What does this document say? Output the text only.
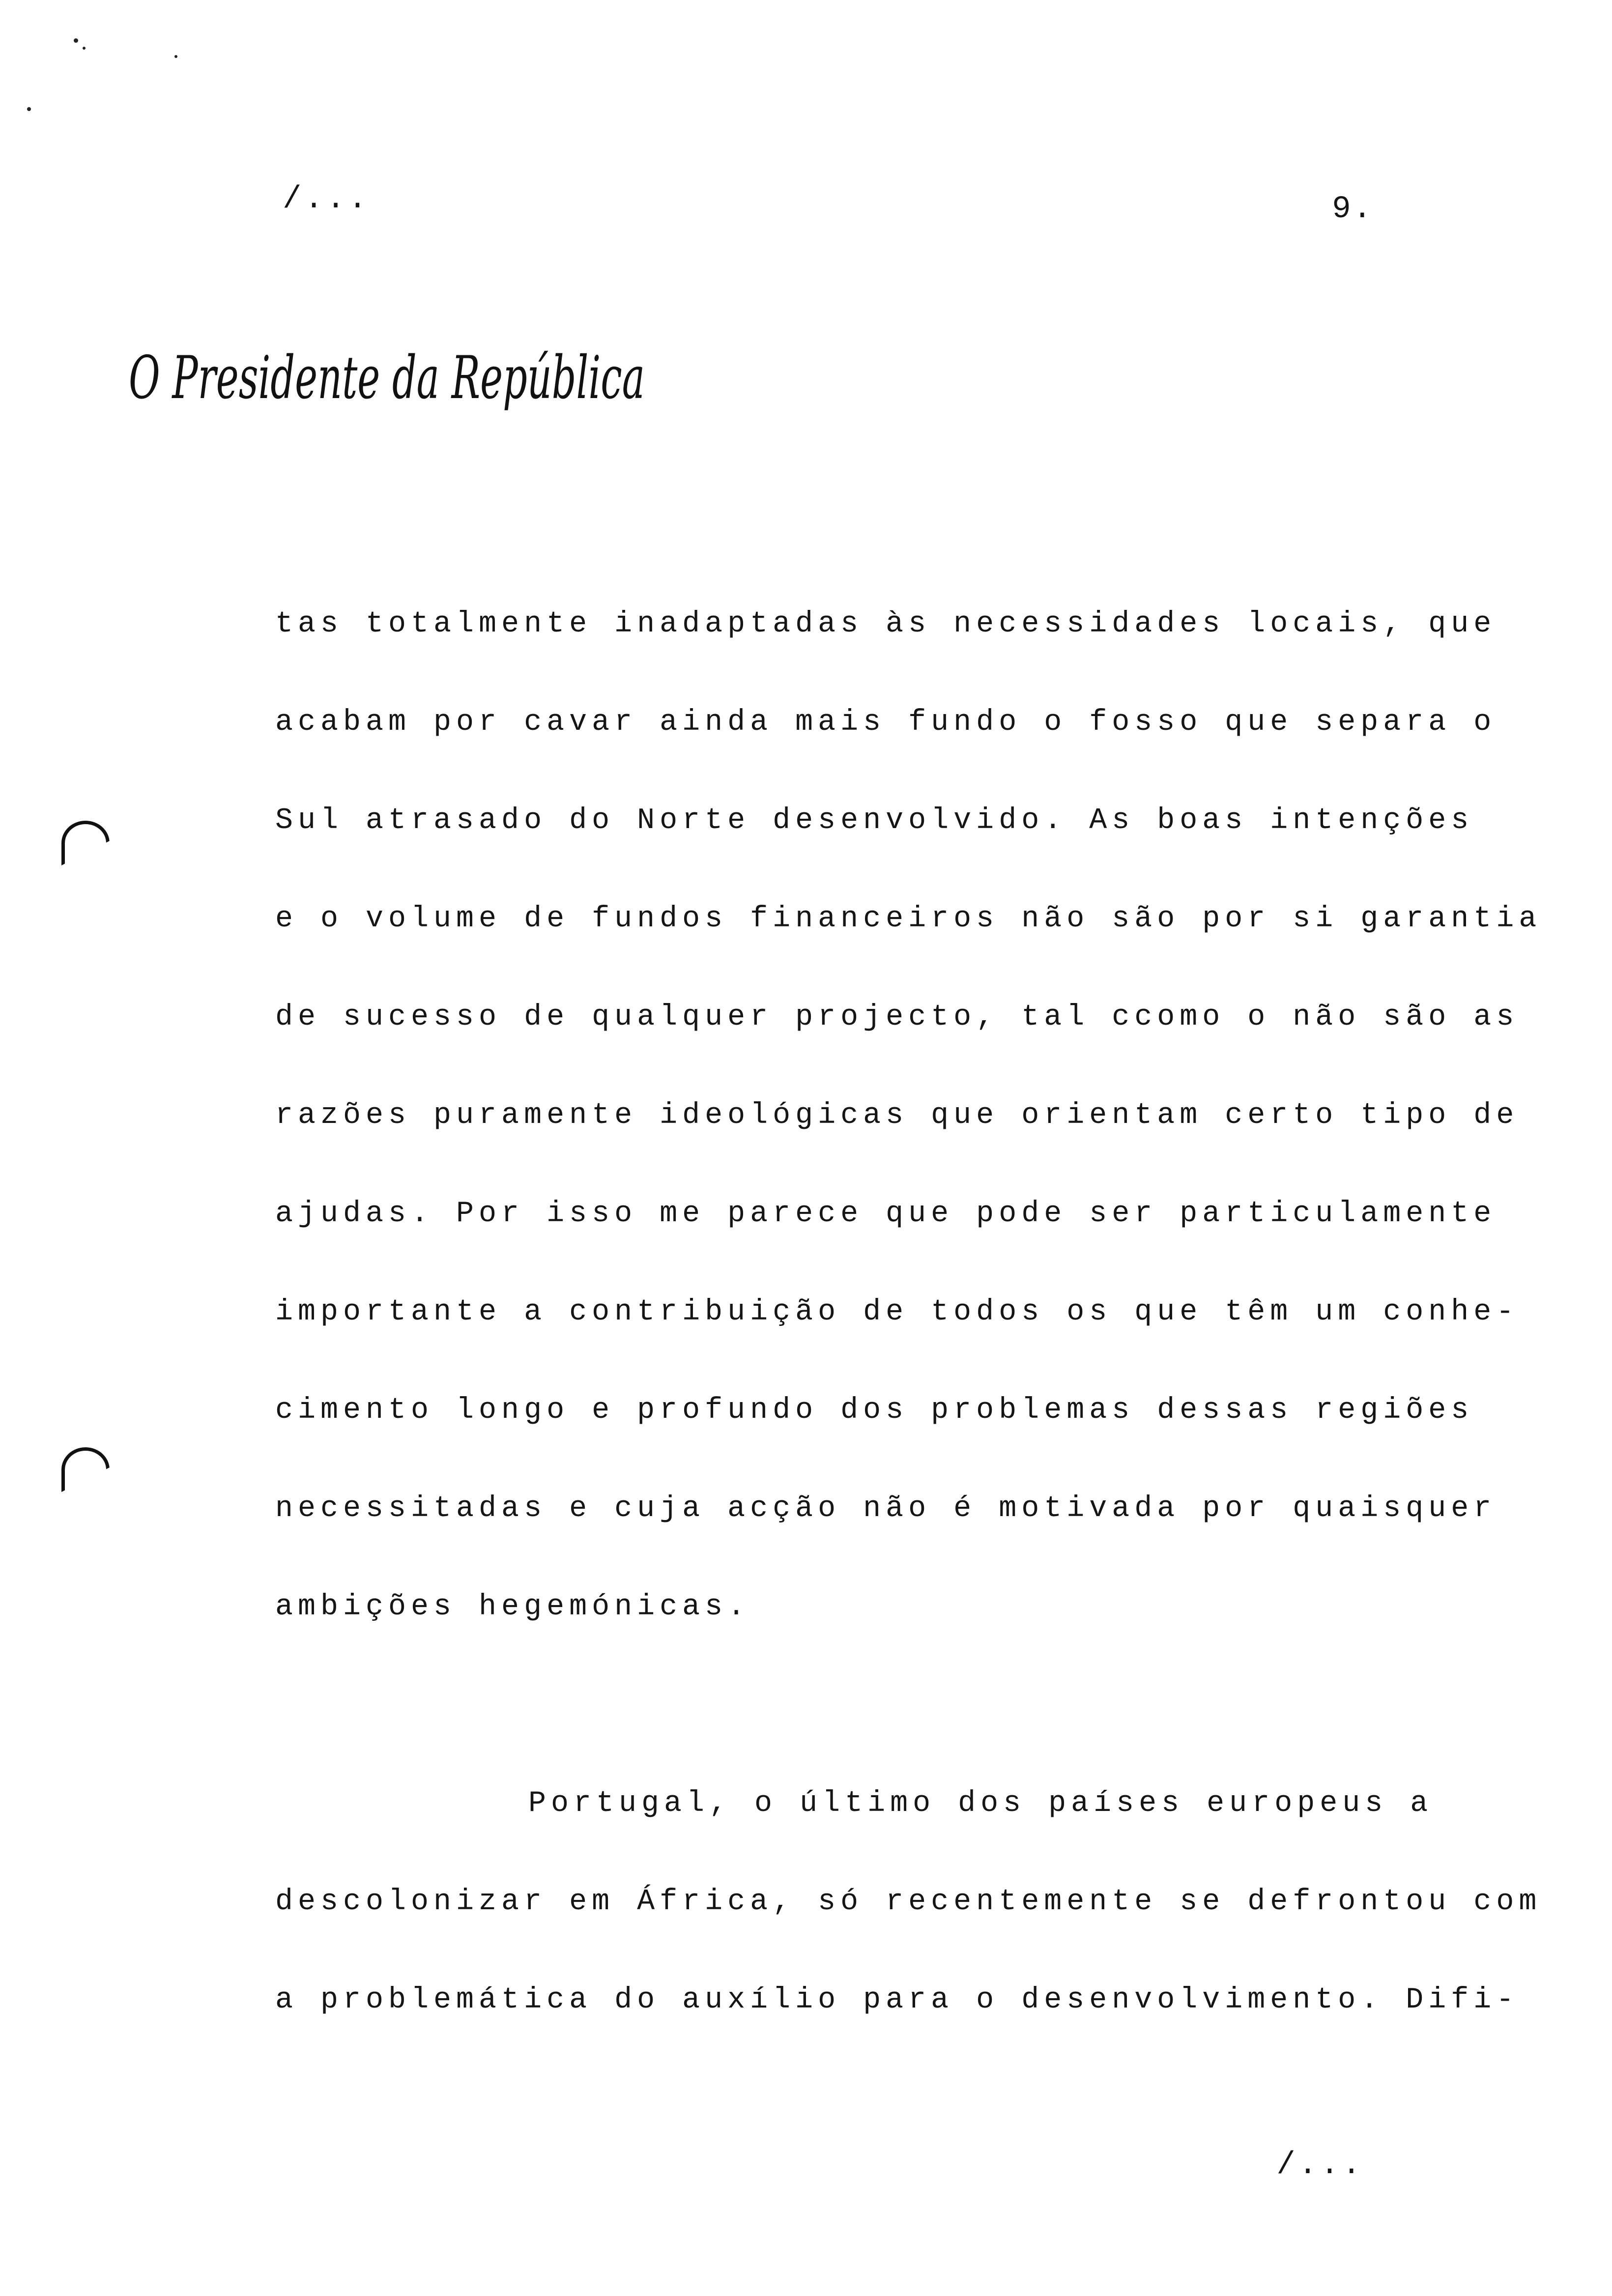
/...	9.
O Presidente da República
tas totalmente inadaptadas às necessidades locais, que
acabam por cavar ainda mais fundo o fosso que separa o
Sul atrasado do Norte desenvolvido. As boas intenções
e o volume de fundos financeiros não são por si garantia
de sucesso de qualquer projecto, tal ccomo o não são as
razões puramente ideológicas que orientam certo tipo de
ajudas. Por isso me parece que pode ser particulamente
importante a contribuição de todos os que têm um conhe-
cimento longo e profundo dos problemas dessas regiões
necessitadas e cuja acção não é motivada por quaisquer
ambições hegemónicas.
Portugal, o último dos países europeus a
descolonizar em África, só recentemente se defrontou com
a problemática do auxílio para o desenvolvimento. Difi-
/...
